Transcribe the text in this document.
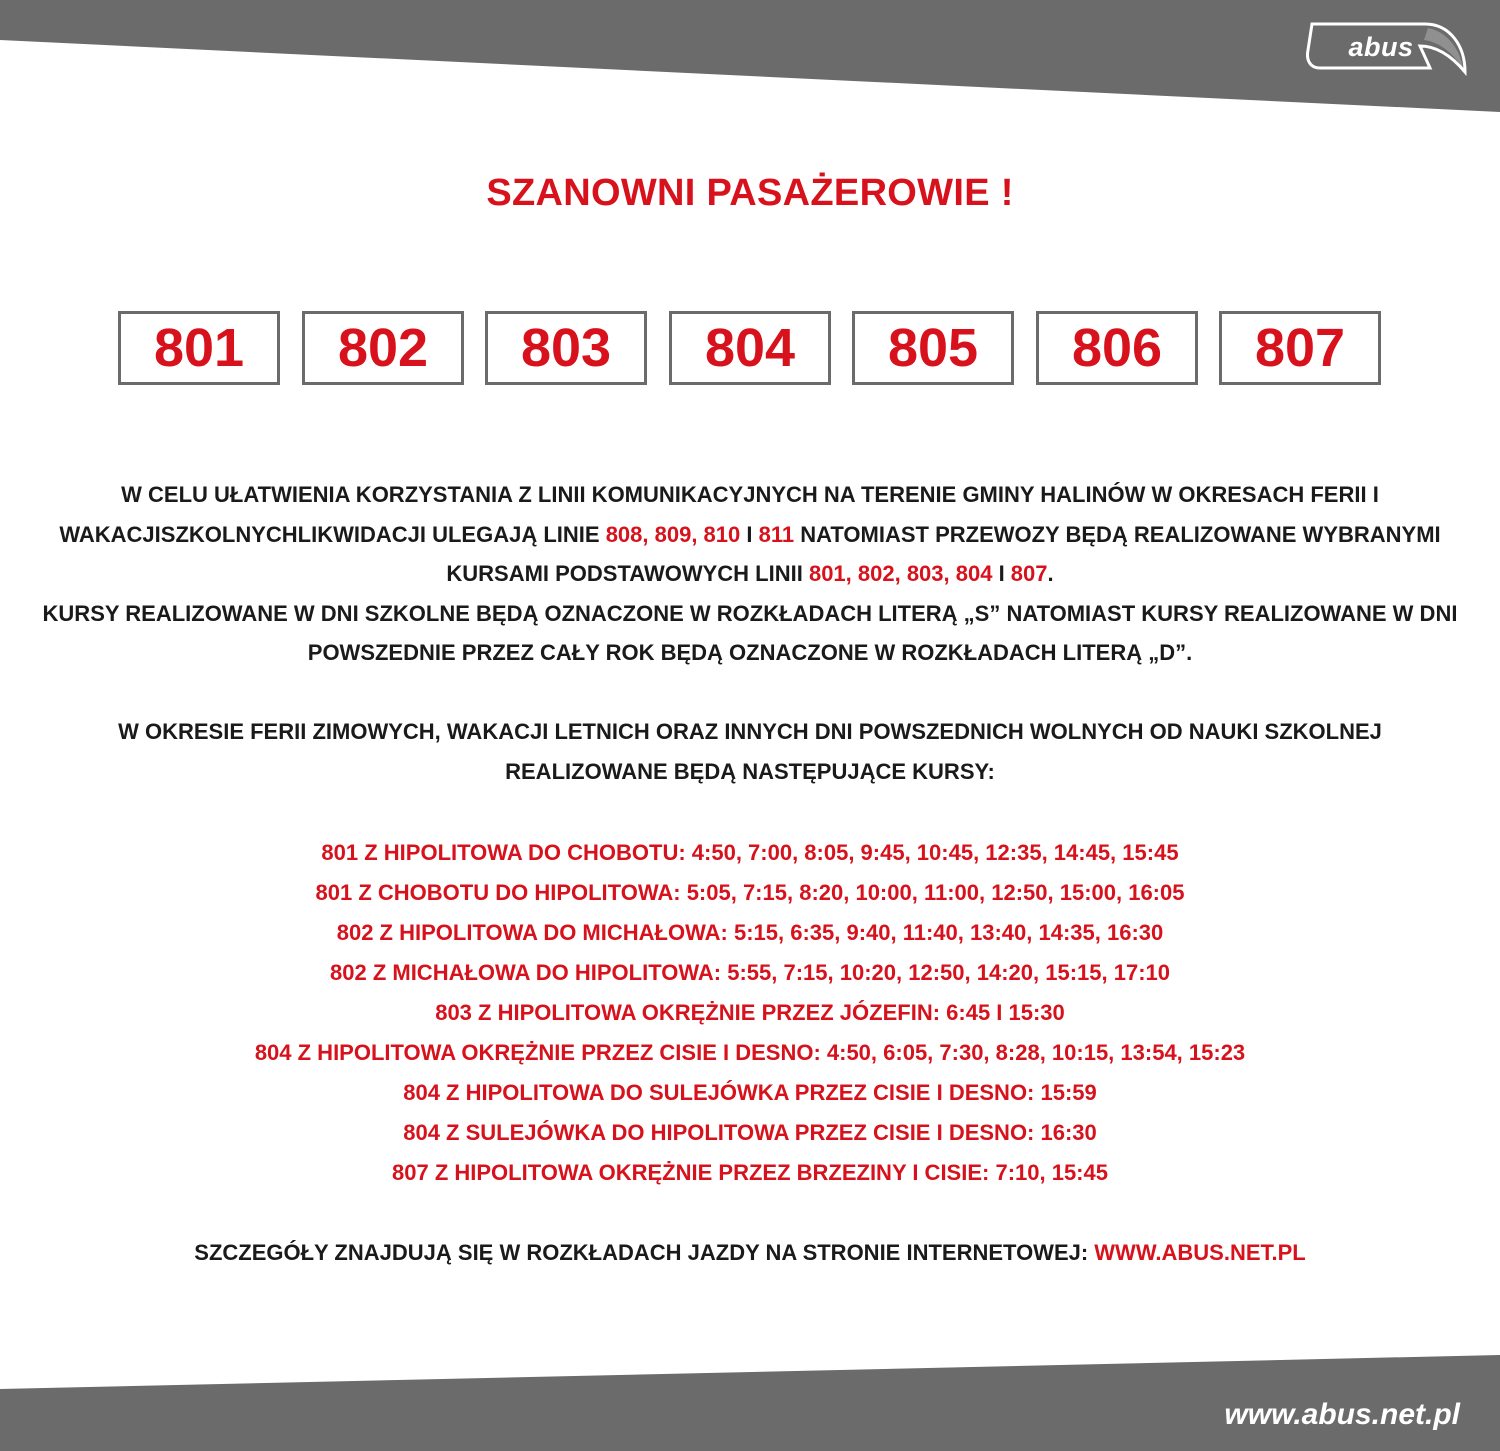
abus
SZANOWNI PASAŻEROWIE !
801	802	803	804	805	806	807

W CELU UŁATWIENIA KORZYSTANIA Z LINII KOMUNIKACYJNYCH NA TERENIE GMINY HALINÓW W OKRESACH FERII I WAKACJISZKOLNYCHLIKWIDACJI ULEGAJĄ LINIE 808, 809, 810 I 811 NATOMIAST PRZEWOZY BĘDĄ REALIZOWANE WYBRANYMI KURSAMI PODSTAWOWYCH LINII 801, 802, 803, 804 I 807.

KURSY REALIZOWANE W DNI SZKOLNE BĘDĄ OZNACZONE W ROZKŁADACH LITERĄ „S” NATOMIAST KURSY REALIZOWANE W DNI POWSZEDNIE PRZEZ CAŁY ROK BĘDĄ OZNACZONE W ROZKŁADACH LITERĄ „D”.

W OKRESIE FERII ZIMOWYCH, WAKACJI LETNICH ORAZ INNYCH DNI POWSZEDNICH WOLNYCH OD NAUKI SZKOLNEJ REALIZOWANE BĘDĄ NASTĘPUJĄCE KURSY:

801 Z HIPOLITOWA DO CHOBOTU: 4:50, 7:00, 8:05, 9:45, 10:45, 12:35, 14:45, 15:45
801 Z CHOBOTU DO HIPOLITOWA: 5:05, 7:15, 8:20, 10:00, 11:00, 12:50, 15:00, 16:05
802 Z HIPOLITOWA DO MICHAŁOWA: 5:15, 6:35, 9:40, 11:40, 13:40, 14:35, 16:30
802 Z MICHAŁOWA DO HIPOLITOWA: 5:55, 7:15, 10:20, 12:50, 14:20, 15:15, 17:10
803 Z HIPOLITOWA OKRĘŻNIE PRZEZ JÓZEFIN: 6:45 I 15:30
804 Z HIPOLITOWA OKRĘŻNIE PRZEZ CISIE I DESNO: 4:50, 6:05, 7:30, 8:28, 10:15, 13:54, 15:23
804 Z HIPOLITOWA DO SULEJÓWKA PRZEZ CISIE I DESNO: 15:59
804 Z SULEJÓWKA DO HIPOLITOWA PRZEZ CISIE I DESNO: 16:30
807 Z HIPOLITOWA OKRĘŻNIE PRZEZ BRZEZINY I CISIE: 7:10, 15:45
SZCZEGÓŁY ZNAJDUJĄ SIĘ W ROZKŁADACH JAZDY NA STRONIE INTERNETOWEJ: WWW.ABUS.NET.PL
www.abus.net.pl
